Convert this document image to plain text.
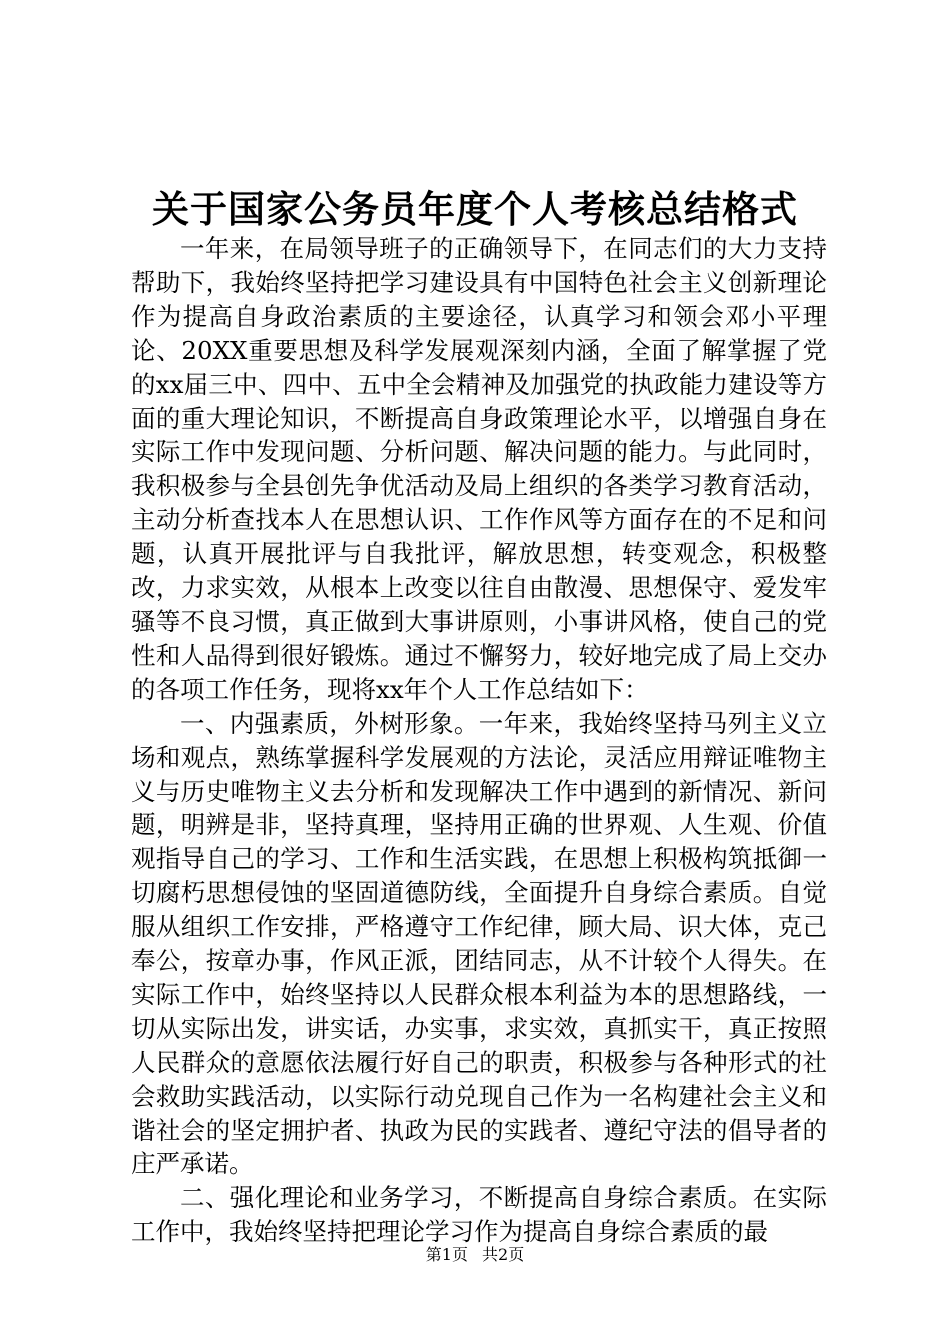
关于国家公务员年度个人考核总结格式

一年来，在局领导班子的正确领导下，在同志们的大力支持帮助下，我始终坚持把学习建设具有中国特色社会主义创新理论作为提高自身政治素质的主要途径，认真学习和领会邓小平理论、20XX重要思想及科学发展观深刻内涵，全面了解掌握了党的xx届三中、四中、五中全会精神及加强党的执政能力建设等方面的重大理论知识，不断提高自身政策理论水平，以增强自身在实际工作中发现问题、分析问题、解决问题的能力。与此同时，我积极参与全县创先争优活动及局上组织的各类学习教育活动，主动分析查找本人在思想认识、工作作风等方面存在的不足和问题，认真开展批评与自我批评，解放思想，转变观念，积极整改，力求实效，从根本上改变以往自由散漫、思想保守、爱发牢骚等不良习惯，真正做到大事讲原则，小事讲风格，使自己的党性和人品得到很好锻炼。通过不懈努力，较好地完成了局上交办的各项工作任务，现将xx年个人工作总结如下：

一、内强素质，外树形象。一年来，我始终坚持马列主义立场和观点，熟练掌握科学发展观的方法论，灵活应用辩证唯物主义与历史唯物主义去分析和发现解决工作中遇到的新情况、新问题，明辨是非，坚持真理，坚持用正确的世界观、人生观、价值观指导自己的学习、工作和生活实践，在思想上积极构筑抵御一切腐朽思想侵蚀的坚固道德防线，全面提升自身综合素质。自觉服从组织工作安排，严格遵守工作纪律，顾大局、识大体，克己奉公，按章办事，作风正派，团结同志，从不计较个人得失。在实际工作中，始终坚持以人民群众根本利益为本的思想路线，一切从实际出发，讲实话，办实事，求实效，真抓实干，真正按照人民群众的意愿依法履行好自己的职责，积极参与各种形式的社会救助实践活动，以实际行动兑现自己作为一名构建社会主义和谐社会的坚定拥护者、执政为民的实践者、遵纪守法的倡导者的庄严承诺。

二、强化理论和业务学习，不断提高自身综合素质。在实际工作中，我始终坚持把理论学习作为提高自身综合素质的最

第1页 共2页
